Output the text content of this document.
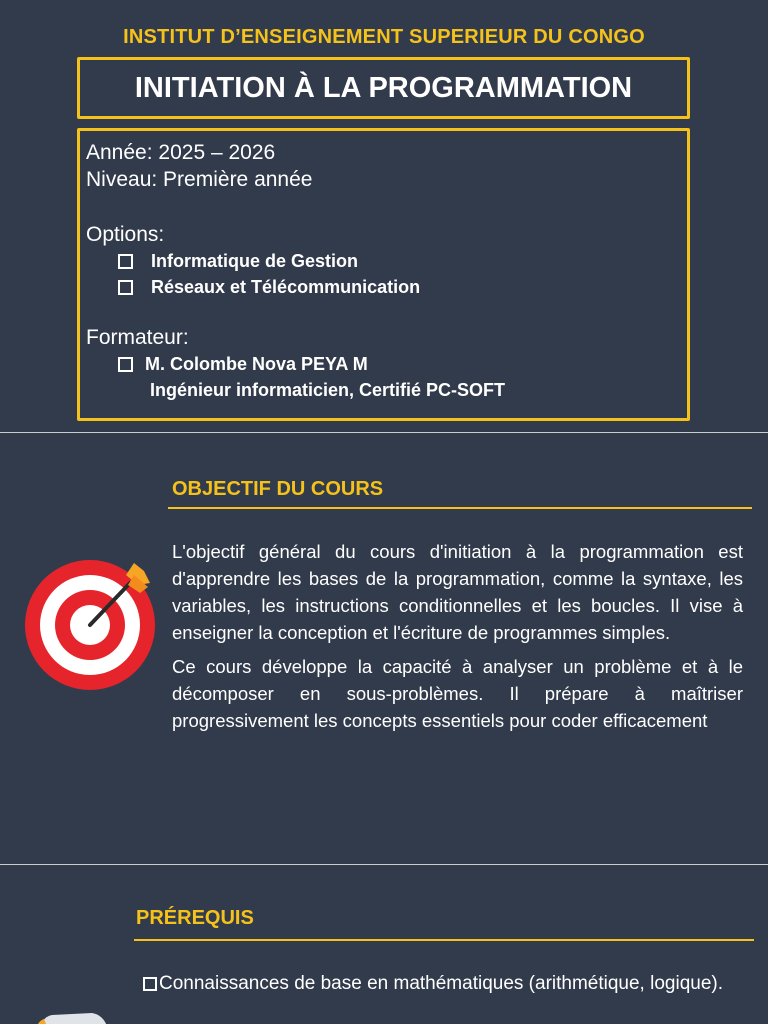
INSTITUT D’ENSEIGNEMENT SUPERIEUR DU CONGO
INITIATION À LA PROGRAMMATION
Année: 2025 – 2026
Niveau: Première année
Options:
Informatique de Gestion
Réseaux et Télécommunication
Formateur:
M. Colombe Nova PEYA M
Ingénieur informaticien, Certifié PC-SOFT
OBJECTIF DU COURS

L'objectif général du cours d'initiation à la programmation est d'apprendre les bases de la programmation, comme la syntaxe, les variables, les instructions conditionnelles et les boucles. Il vise à enseigner la conception et l'écriture de programmes simples.

Ce cours développe la capacité à analyser un problème et à le décomposer en sous-problèmes. Il prépare à maîtriser progressivement les concepts essentiels pour coder efficacement

PRÉREQUIS
Connaissances de base en mathématiques (arithmétique, logique).
